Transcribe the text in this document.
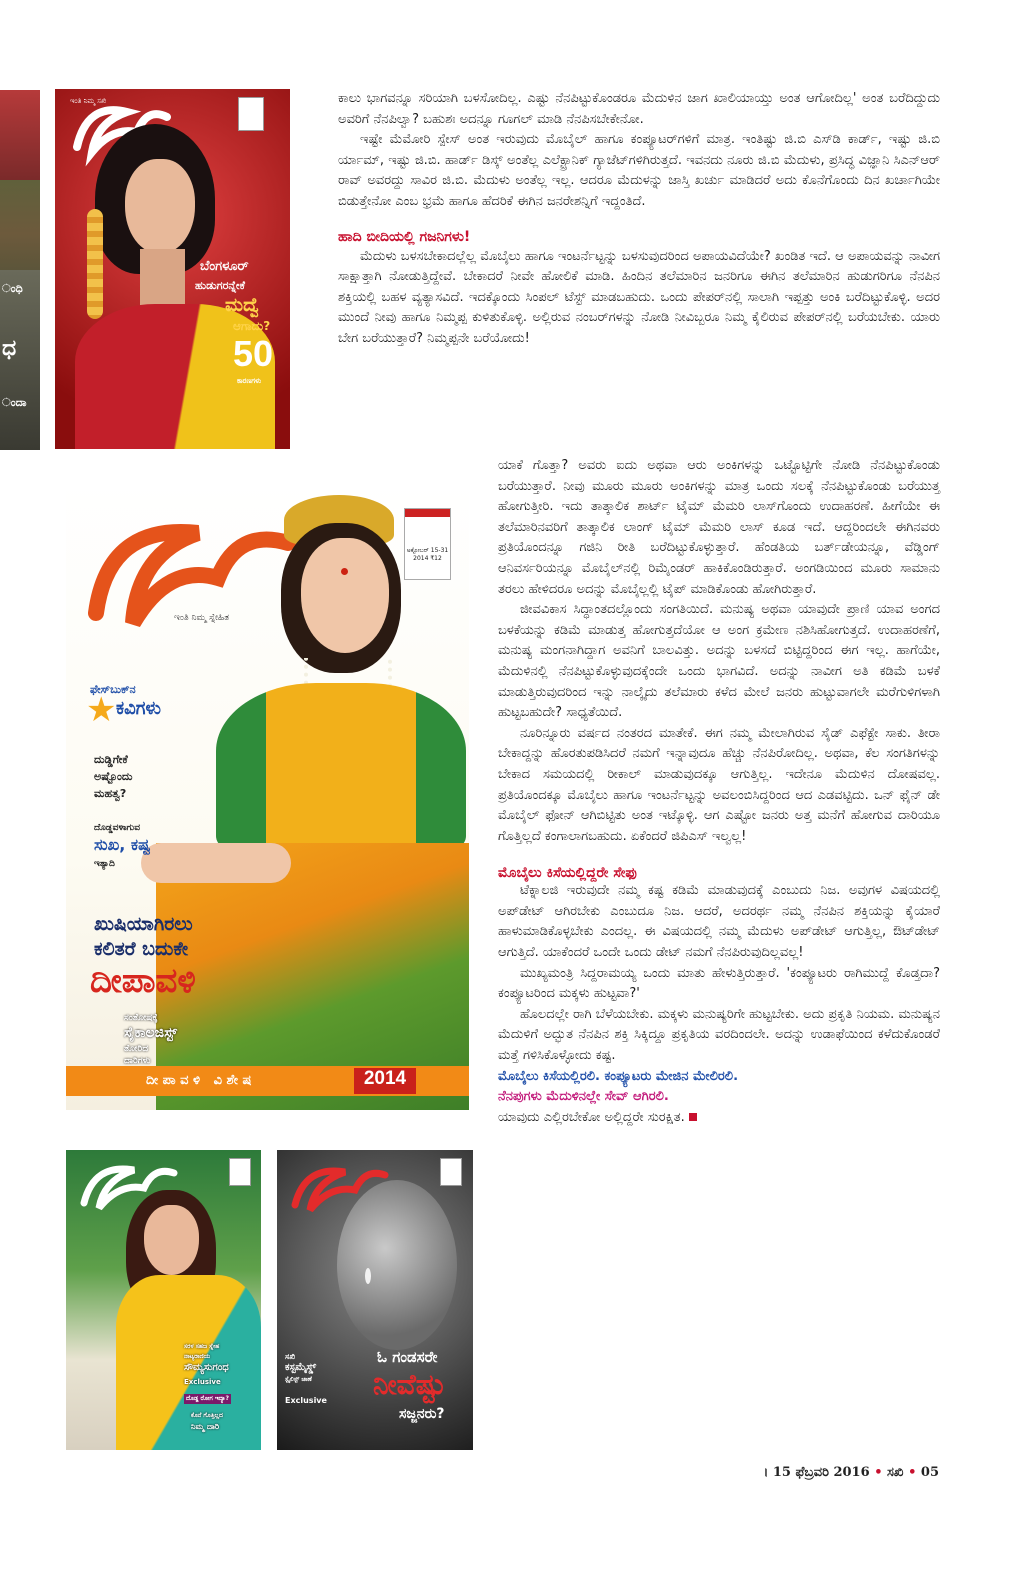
ಂಧಿ
ಧ
ಂದಾ
ಇಂತಿ ನಿಮ್ಮ ಸಖಿ
ಬೆಂಗಳೂರ್
ಹುಡುಗರನ್ನೇಕೆ
ಮದ್ವೆ
ಆಗಾದು?
50
ಕಾರಣಗಳು
ಇಂತಿ ನಿಮ್ಮ ಸ್ನೇಹಿತ
ಅಕ್ಟೋಬರ್ 15-31
2014 ₹12
ಫೇಸ್‌ಬುಕ್‌ನ
★ ಕವಿಗಳು
ದುಡ್ಡಿಗೇಕೆ
ಅಷ್ಟೊಂದು
ಮಹತ್ವ?
ದೊಡ್ಡವಳಾಗುವ
ಸುಖ, ಕಷ್ಟ
ಇತ್ಯಾದಿ
ಖುಷಿಯಾಗಿರಲು
ಕಲಿತರೆ ಬದುಕೇ
ದೀಪಾವಳಿ
ಸಂತೋಷಕ್ಕೆ
ಸೈಕಾಲಜಿಸ್ಟ್
ತೋರಿದ
ದಾರಿಗಳು
ದೀ ಪಾ ವ ಳಿ   ವಿ ಶೇ ಷ	2014
ಸರಳ ಸಹಜ ಸ್ನೇಹ
ನಾಟ್ಯರಾಣಿಯ
ಸೌಮ್ಯಸುಗಂಧ
Exclusive
ದೊಡ್ಡ ರೋಗ ಇದ್ಯಾ?
ಕೊನೆ ಗೊತ್ತಿಲ್ಲದ
ನಿಮ್ಮ ದಾರಿ
ಸಖಿ
ಕಸ್ಟಮೈಸ್ಡ್
ಸ್ಟೈಲಿಸ್ಟ್ ಜಾಣೆ
Exclusive
ಓ ಗಂಡಸರೇ
ನೀವೆಷ್ಟು
ಸಜ್ಜನರು?

ಕಾಲು ಭಾಗವನ್ನೂ ಸರಿಯಾಗಿ ಬಳಸೋದಿಲ್ಲ. ಎಷ್ಟು ನೆನಪಿಟ್ಟುಕೊಂಡರೂ ಮೆದುಳಿನ ಜಾಗ ಖಾಲಿಯಾಯ್ತು ಅಂತ ಆಗೋದಿಲ್ಲ' ಅಂತ ಬರೆದಿದ್ದುದು ಅವರಿಗೆ ನೆನಪಿಲ್ವಾ? ಬಹುಶಃ ಅದನ್ನೂ ಗೂಗಲ್ ಮಾಡಿ ನೆನಪಿಸಬೇಕೇನೋ.

ಇಷ್ಟೇ ಮೆಮೋರಿ ಸ್ಪೇಸ್ ಅಂತ ಇರುವುದು ಮೊಬೈಲ್ ಹಾಗೂ ಕಂಪ್ಯೂಟರ್‌ಗಳಿಗೆ ಮಾತ್ರ. ಇಂತಿಷ್ಟು ಜಿ.ಬಿ ಎಸ್‌ಡಿ ಕಾರ್ಡ್, ಇಷ್ಟು ಜಿ.ಬಿ ರ್ಯಾಮ್, ಇಷ್ಟು ಜಿ.ಬಿ. ಹಾರ್ಡ್ ಡಿಸ್ಕ್ ಅಂತೆಲ್ಲ ಎಲೆಕ್ಟ್ರಾನಿಕ್ ಗ್ಯಾಜೆಟ್‌ಗಳಿಗಿರುತ್ತದೆ. ಇವನದು ನೂರು ಜಿ.ಬಿ ಮೆದುಳು, ಪ್ರಸಿದ್ಧ ವಿಜ್ಞಾನಿ ಸಿಎನ್‌ಆರ್ ರಾವ್ ಅವರದ್ದು ಸಾವಿರ ಜಿ.ಬಿ. ಮೆದುಳು ಅಂತೆಲ್ಲ ಇಲ್ಲ. ಆದರೂ ಮೆದುಳನ್ನು ಜಾಸ್ತಿ ಖರ್ಚು ಮಾಡಿದರೆ ಅದು ಕೊನೆಗೊಂದು ದಿನ ಖರ್ಚಾಗಿಯೇ ಬಿಡುತ್ತೇನೋ ಎಂಬ ಭ್ರಮೆ ಹಾಗೂ ಹೆದರಿಕೆ ಈಗಿನ ಜನರೇಶನ್ನಿಗೆ ಇದ್ದಂತಿದೆ.

ಹಾದಿ ಬೀದಿಯಲ್ಲಿ ಗಜನಿಗಳು!

ಮೆದುಳು ಬಳಸಬೇಕಾದಲ್ಲೆಲ್ಲ ಮೊಬೈಲು ಹಾಗೂ ಇಂಟರ್ನೆಟ್ಟನ್ನು ಬಳಸುವುದರಿಂದ ಅಪಾಯವಿದೆಯೇ? ಖಂಡಿತ ಇದೆ. ಆ ಅಪಾಯವನ್ನು ನಾವೀಗ ಸಾಕ್ಷಾತ್ತಾಗಿ ನೋಡುತ್ತಿದ್ದೇವೆ. ಬೇಕಾದರೆ ನೀವೇ ಹೋಲಿಕೆ ಮಾಡಿ. ಹಿಂದಿನ ತಲೆಮಾರಿನ ಜನರಿಗೂ ಈಗಿನ ತಲೆಮಾರಿನ ಹುಡುಗರಿಗೂ ನೆನಪಿನ ಶಕ್ತಿಯಲ್ಲಿ ಬಹಳ ವ್ಯತ್ಯಾಸವಿದೆ. ಇದಕ್ಕೊಂದು ಸಿಂಪಲ್ ಟೆಸ್ಟ್ ಮಾಡಬಹುದು. ಒಂದು ಪೇಪರ್‌ನಲ್ಲಿ ಸಾಲಾಗಿ ಇಪ್ಪತ್ತು ಅಂಕಿ ಬರೆದಿಟ್ಟುಕೊಳ್ಳಿ. ಅದರ ಮುಂದೆ ನೀವು ಹಾಗೂ ನಿಮ್ಮಪ್ಪ ಕುಳಿತುಕೊಳ್ಳಿ. ಅಲ್ಲಿರುವ ನಂಬರ್‌ಗಳನ್ನು ನೋಡಿ ನೀವಿಬ್ಬರೂ ನಿಮ್ಮ ಕೈಲಿರುವ ಪೇಪರ್‌ನಲ್ಲಿ ಬರೆಯಬೇಕು. ಯಾರು ಬೇಗ ಬರೆಯುತ್ತಾರೆ? ನಿಮ್ಮಪ್ಪನೇ ಬರೆಯೋದು!

ಯಾಕೆ ಗೊತ್ತಾ? ಅವರು ಐದು ಅಥವಾ ಆರು ಅಂಕಿಗಳನ್ನು ಒಟ್ಟೊಟ್ಟಿಗೇ ನೋಡಿ ನೆನಪಿಟ್ಟುಕೊಂಡು ಬರೆಯುತ್ತಾರೆ. ನೀವು ಮೂರು ಮೂರು ಅಂಕಿಗಳನ್ನು ಮಾತ್ರ ಒಂದು ಸಲಕ್ಕೆ ನೆನಪಿಟ್ಟುಕೊಂಡು ಬರೆಯುತ್ತ ಹೋಗುತ್ತೀರಿ. ಇದು ತಾತ್ಕಾಲಿಕ ಶಾರ್ಟ್ ಟೈಮ್ ಮೆಮರಿ ಲಾಸ್‌ಗೊಂದು ಉದಾಹರಣೆ. ಹೀಗೆಯೇ ಈ ತಲೆಮಾರಿನವರಿಗೆ ತಾತ್ಕಾಲಿಕ ಲಾಂಗ್ ಟೈಮ್ ಮೆಮರಿ ಲಾಸ್ ಕೂಡ ಇದೆ. ಆದ್ದರಿಂದಲೇ ಈಗಿನವರು ಪ್ರತಿಯೊಂದನ್ನೂ ಗಜಿನಿ ರೀತಿ ಬರೆದಿಟ್ಟುಕೊಳ್ಳುತ್ತಾರೆ. ಹೆಂಡತಿಯ ಬರ್ತ್‌ಡೇಯನ್ನೂ, ವೆಡ್ಡಿಂಗ್ ಆನಿವರ್ಸರಿಯನ್ನೂ ಮೊಬೈಲ್‌ನಲ್ಲಿ ರಿಮೈಂಡರ್ ಹಾಕಿಕೊಂಡಿರುತ್ತಾರೆ. ಅಂಗಡಿಯಿಂದ ಮೂರು ಸಾಮಾನು ತರಲು ಹೇಳಿದರೂ ಅದನ್ನು ಮೊಬೈಲ್ಲಲ್ಲಿ ಟೈಪ್ ಮಾಡಿಕೊಂಡು ಹೋಗಿರುತ್ತಾರೆ.

ಜೀವವಿಕಾಸ ಸಿದ್ಧಾಂತದಲ್ಲೊಂದು ಸಂಗತಿಯಿದೆ. ಮನುಷ್ಯ ಅಥವಾ ಯಾವುದೇ ಪ್ರಾಣಿ ಯಾವ ಅಂಗದ ಬಳಕೆಯನ್ನು ಕಡಿಮೆ ಮಾಡುತ್ತ ಹೋಗುತ್ತದೆಯೋ ಆ ಅಂಗ ಕ್ರಮೇಣ ನಶಿಸಿಹೋಗುತ್ತದೆ. ಉದಾಹರಣೆಗೆ, ಮನುಷ್ಯ ಮಂಗನಾಗಿದ್ದಾಗ ಅವನಿಗೆ ಬಾಲವಿತ್ತು. ಅದನ್ನು ಬಳಸದೆ ಬಿಟ್ಟಿದ್ದರಿಂದ ಈಗ ಇಲ್ಲ. ಹಾಗೆಯೇ, ಮೆದುಳಿನಲ್ಲಿ ನೆನಪಿಟ್ಟುಕೊಳ್ಳುವುದಕ್ಕೆಂದೇ ಒಂದು ಭಾಗವಿದೆ. ಅದನ್ನು ನಾವೀಗ ಅತಿ ಕಡಿಮೆ ಬಳಕೆ ಮಾಡುತ್ತಿರುವುದರಿಂದ ಇನ್ನು ನಾಲ್ಕೈದು ತಲೆಮಾರು ಕಳೆದ ಮೇಲೆ ಜನರು ಹುಟ್ಟುವಾಗಲೇ ಮರೆಗುಳಿಗಳಾಗಿ ಹುಟ್ಟಬಹುದೇ? ಸಾಧ್ಯತೆಯಿದೆ.

ನೂರಿನ್ನೂರು ವರ್ಷದ ನಂತರದ ಮಾತೇಕೆ. ಈಗ ನಮ್ಮ ಮೇಲಾಗಿರುವ ಸೈಡ್ ಎಫೆಕ್ಟೇ ಸಾಕು. ತೀರಾ ಬೇಕಾದ್ದನ್ನು ಹೊರತುಪಡಿಸಿದರೆ ನಮಗೆ ಇನ್ನಾವುದೂ ಹೆಚ್ಚು ನೆನಪಿರೋದಿಲ್ಲ. ಅಥವಾ, ಕೆಲ ಸಂಗತಿಗಳನ್ನು ಬೇಕಾದ ಸಮಯದಲ್ಲಿ ರೀಕಾಲ್ ಮಾಡುವುದಕ್ಕೂ ಆಗುತ್ತಿಲ್ಲ. ಇದೇನೂ ಮೆದುಳಿನ ದೋಷವಲ್ಲ. ಪ್ರತಿಯೊಂದಕ್ಕೂ ಮೊಬೈಲು ಹಾಗೂ ಇಂಟರ್ನೆಟ್ಟನ್ನು ಅವಲಂಬಿಸಿದ್ದರಿಂದ ಆದ ಎಡವಟ್ಟಿದು. ಒನ್ ಫೈನ್ ಡೇ ಮೊಬೈಲ್ ಫೋನ್ ಆಗಿಬಿಟ್ಟಿತು ಅಂತ ಇಟ್ಕೊಳ್ಳಿ. ಆಗ ಎಷ್ಟೋ ಜನರು ಅತ್ತ ಮನೆಗೆ ಹೋಗುವ ದಾರಿಯೂ ಗೊತ್ತಿಲ್ಲದೆ ಕಂಗಾಲಾಗಬಹುದು. ಏಕೆಂದರೆ ಜಿಪಿಎಸ್ ಇಲ್ವಲ್ಲ!

ಮೊಬೈಲು ಕಿಸೆಯಲ್ಲಿದ್ದರೇ ಸೇಫು

ಟೆಕ್ನಾಲಜಿ ಇರುವುದೇ ನಮ್ಮ ಕಷ್ಟ ಕಡಿಮೆ ಮಾಡುವುದಕ್ಕೆ ಎಂಬುದು ನಿಜ. ಅವುಗಳ ವಿಷಯದಲ್ಲಿ ಅಪ್‌ಡೇಟ್ ಆಗಿರಬೇಕು ಎಂಬುದೂ ನಿಜ. ಆದರೆ, ಅದರರ್ಥ ನಮ್ಮ ನೆನಪಿನ ಶಕ್ತಿಯನ್ನು ಕೈಯಾರೆ ಹಾಳುಮಾಡಿಕೊಳ್ಳಬೇಕು ಎಂದಲ್ಲ. ಈ ವಿಷಯದಲ್ಲಿ ನಮ್ಮ ಮೆದುಳು ಅಪ್‌ಡೇಟ್ ಆಗುತ್ತಿಲ್ಲ, ಔಟ್‌ಡೇಟ್ ಆಗುತ್ತಿದೆ. ಯಾಕೆಂದರೆ ಒಂದೇ ಒಂದು ಡೇಟ್ ನಮಗೆ ನೆನಪಿರುವುದಿಲ್ಲವಲ್ಲ!

ಮುಖ್ಯಮಂತ್ರಿ ಸಿದ್ದರಾಮಯ್ಯ ಒಂದು ಮಾತು ಹೇಳುತ್ತಿರುತ್ತಾರೆ. 'ಕಂಪ್ಯೂಟರು ರಾಗಿಮುದ್ದೆ ಕೊಡ್ತದಾ? ಕಂಪ್ಯೂಟರಿಂದ ಮಕ್ಕಳು ಹುಟ್ಟವಾ?'

ಹೊಲದಲ್ಲೇ ರಾಗಿ ಬೆಳೆಯಬೇಕು. ಮಕ್ಕಳು ಮನುಷ್ಯರಿಗೇ ಹುಟ್ಟಬೇಕು. ಅದು ಪ್ರಕೃತಿ ನಿಯಮ. ಮನುಷ್ಯನ ಮೆದುಳಿಗೆ ಅದ್ಭುತ ನೆನಪಿನ ಶಕ್ತಿ ಸಿಕ್ಕಿದ್ದೂ ಪ್ರಕೃತಿಯ ವರದಿಂದಲೇ. ಅದನ್ನು ಉಡಾಫೆಯಿಂದ ಕಳೆದುಕೊಂಡರೆ ಮತ್ತೆ ಗಳಿಸಿಕೊಳ್ಳೋದು ಕಷ್ಟ.

ಮೊಬೈಲು ಕಿಸೆಯಲ್ಲಿರಲಿ. ಕಂಪ್ಯೂಟರು ಮೇಜಿನ ಮೇಲಿರಲಿ.

ನೆನಪುಗಳು ಮೆದುಳಿನಲ್ಲೇ ಸೇವ್ ಆಗಿರಲಿ.

ಯಾವುದು ಎಲ್ಲಿರಬೇಕೋ ಅಲ್ಲಿದ್ದರೇ ಸುರಕ್ಷಿತ.

। 15 ಫೆಬ್ರವರಿ 2016 • ಸಖಿ • 05
